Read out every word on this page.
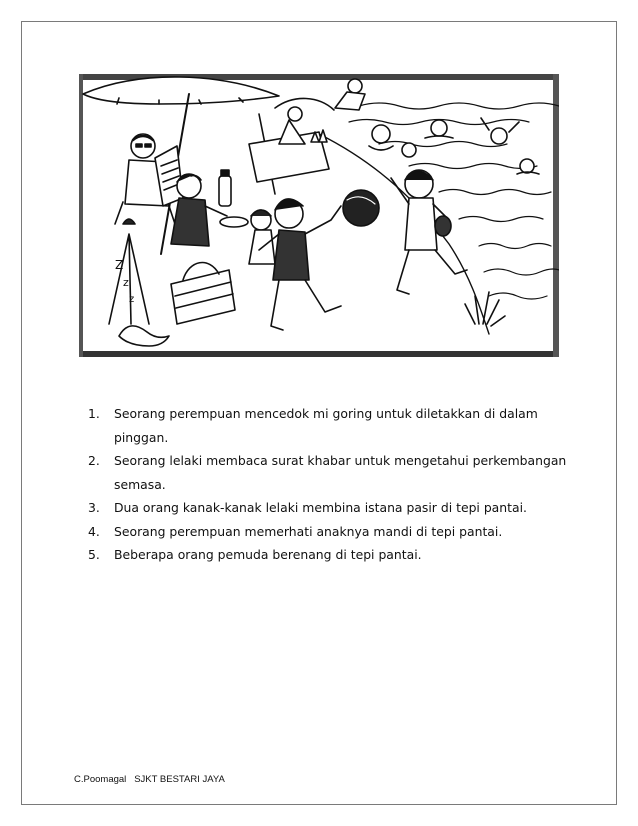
Z
z
z
1.	Seorang perempuan mencedok mi goring untuk diletakkan di dalam pinggan.
2.	Seorang lelaki membaca surat khabar untuk mengetahui perkembangan semasa.
3.	Dua orang kanak-kanak lelaki membina istana pasir di tepi pantai.
4.	Seorang perempuan memerhati anaknya mandi di tepi pantai.
5.	Beberapa orang pemuda berenang di tepi pantai.
C.Poomagal   SJKT BESTARI JAYA
